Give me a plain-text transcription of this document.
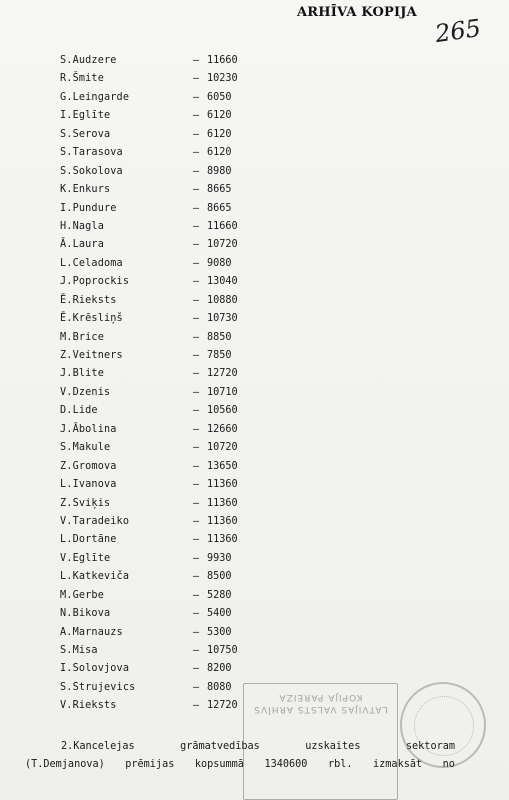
ARHĪVA KOPIJA
265
S.Audzere	– 11660
R.Šmite	– 10230
G.Leingarde	– 6050
I.Eglīte	– 6120
S.Serova	– 6120
S.Tarasova	– 6120
S.Sokolova	– 8980
K.Enkurs	– 8665
I.Pundure	– 8665
H.Nagla	– 11660
Ā.Laura	– 10720
L.Celadoma	– 9080
J.Poprockis	– 13040
Ē.Rieksts	– 10880
Ē.Krēsliņš	– 10730
M.Brice	– 8850
Z.Veitners	– 7850
J.Blite	– 12720
V.Dzenis	– 10710
D.Lide	– 10560
J.Ābolina	– 12660
S.Makule	– 10720
Z.Gromova	– 13650
L.Ivanova	– 11360
Z.Sviķis	– 11360
V.Taradeiko	– 11360
L.Dortāne	– 11360
V.Eglīte	– 9930
L.Katkeviča	– 8500
M.Gerbe	– 5280
N.Bikova	– 5400
A.Marnauzs	– 5300
S.Misa	– 10750
I.Solovjova	– 8200
S.Strujevics	– 8080
V.Rieksts	– 12720
2.Kancelejas	grāmatvedības	uzskaites	sektoram
(T.Demjanova) prēmijas kopsummā 1340600 rbl. izmaksāt no
KOPIJA PAREIZA
LATVIJAS VALSTS ARHĪVS
